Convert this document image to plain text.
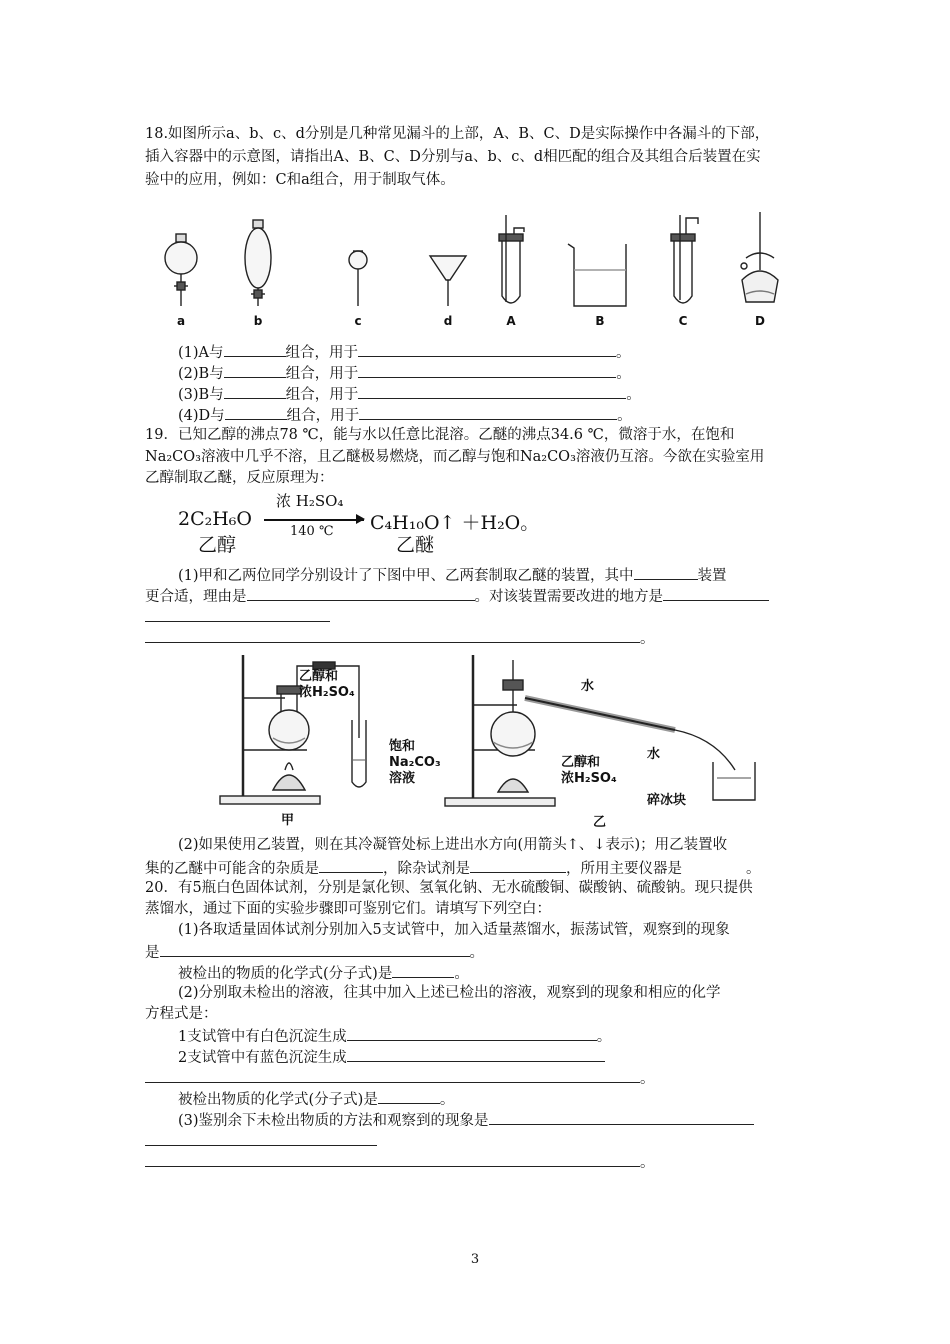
18.如图所示a、b、c、d分别是几种常见漏斗的上部，A、B、C、D是实际操作中各漏斗的下部，
插入容器中的示意图，请指出A、B、C、D分别与a、b、c、d相匹配的组合及其组合后装置在实
验中的应用，例如：C和a组合，用于制取气体。
a	b	c	d	A	B	C	D
(1)A与	组合，用于	。
(2)B与	组合，用于	。
(3)B与	组合，用于	。
(4)D与	组合，用于	。
19．已知乙醇的沸点78 ℃，能与水以任意比混溶。乙醚的沸点34.6 ℃，微溶于水，在饱和
Na₂CO₃溶液中几乎不溶，且乙醚极易燃烧，而乙醇与饱和Na₂CO₃溶液仍互溶。今欲在实验室用
乙醇制取乙醚，反应原理为：
2C₂H₆O
浓 H₂SO₄
140 ℃ C₄H₁₀O↑ ＋H₂O。
乙醇	乙醚
(1)甲和乙两位同学分别设计了下图中甲、乙两套制取乙醚的装置，其中	装置
更合适，理由是	。对该装置需要改进的地方是
。
乙醇和
浓H₂SO₄
饱和
Na₂CO₃
溶液
甲
水
水
乙醇和
浓H₂SO₄
碎冰块
乙
(2)如果使用乙装置，则在其冷凝管处标上进出水方向(用箭头↑、↓表示)；用乙装置收
集的乙醚中可能含的杂质是	，除杂试剂是	，所用主要仪器是	。
20．有5瓶白色固体试剂，分别是氯化钡、氢氧化钠、无水硫酸铜、碳酸钠、硫酸钠。现只提供
蒸馏水，通过下面的实验步骤即可鉴别它们。请填写下列空白：
(1)各取适量固体试剂分别加入5支试管中，加入适量蒸馏水，振荡试管，观察到的现象
是	。
被检出的物质的化学式(分子式)是	。
(2)分别取未检出的溶液，往其中加入上述已检出的溶液，观察到的现象和相应的化学
方程式是：
1支试管中有白色沉淀生成	。
2支试管中有蓝色沉淀生成
。
被检出物质的化学式(分子式)是	。
(3)鉴别余下未检出物质的方法和观察到的现象是
。
3
